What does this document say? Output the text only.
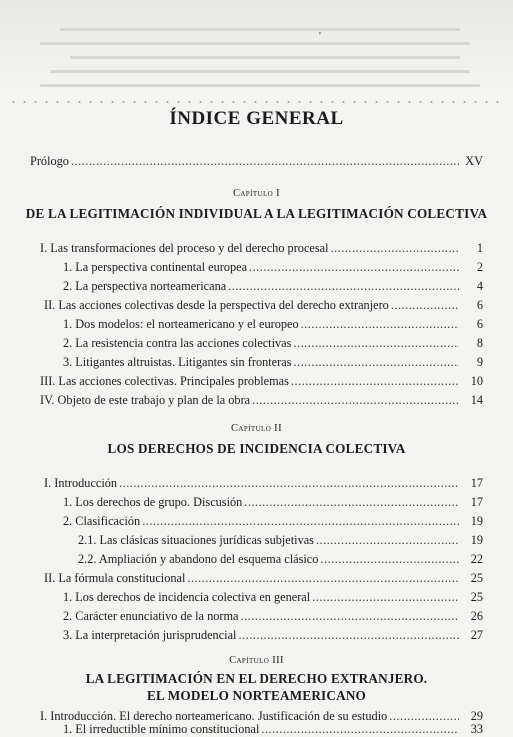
ʼ
ÍNDICE GENERAL
Prólogo .....	XV
Capítulo I
DE LA LEGITIMACIÓN INDIVIDUAL A LA LEGITIMACIÓN COLECTIVA
I. Las transformaciones del proceso y del derecho procesal .....	1
1. La perspectiva continental europea .....	2
2. La perspectiva norteamericana .....	4
II. Las acciones colectivas desde la perspectiva del derecho extranjero .....	6
1. Dos modelos: el norteamericano y el europeo .....	6
2. La resistencia contra las acciones colectivas .....	8
3. Litigantes altruistas. Litigantes sin fronteras .....	9
III. Las acciones colectivas. Principales problemas .....	10
IV. Objeto de este trabajo y plan de la obra .....	14
Capítulo II
LOS DERECHOS DE INCIDENCIA COLECTIVA
I. Introducción .....	17
1. Los derechos de grupo. Discusión .....	17
2. Clasificación .....	19
2.1. Las clásicas situaciones jurídicas subjetivas .....	19
2.2. Ampliación y abandono del esquema clásico .....	22
II. La fórmula constitucional .....	25
1. Los derechos de incidencia colectiva en general .....	25
2. Carácter enunciativo de la norma .....	26
3. La interpretación jurisprudencial .....	27
Capítulo III
LA LEGITIMACIÓN EN EL DERECHO EXTRANJERO.
EL MODELO NORTEAMERICANO
I. Introducción. El derecho norteamericano. Justificación de su estudio .....	29
1. El irreductible mínimo constitucional .....	33
